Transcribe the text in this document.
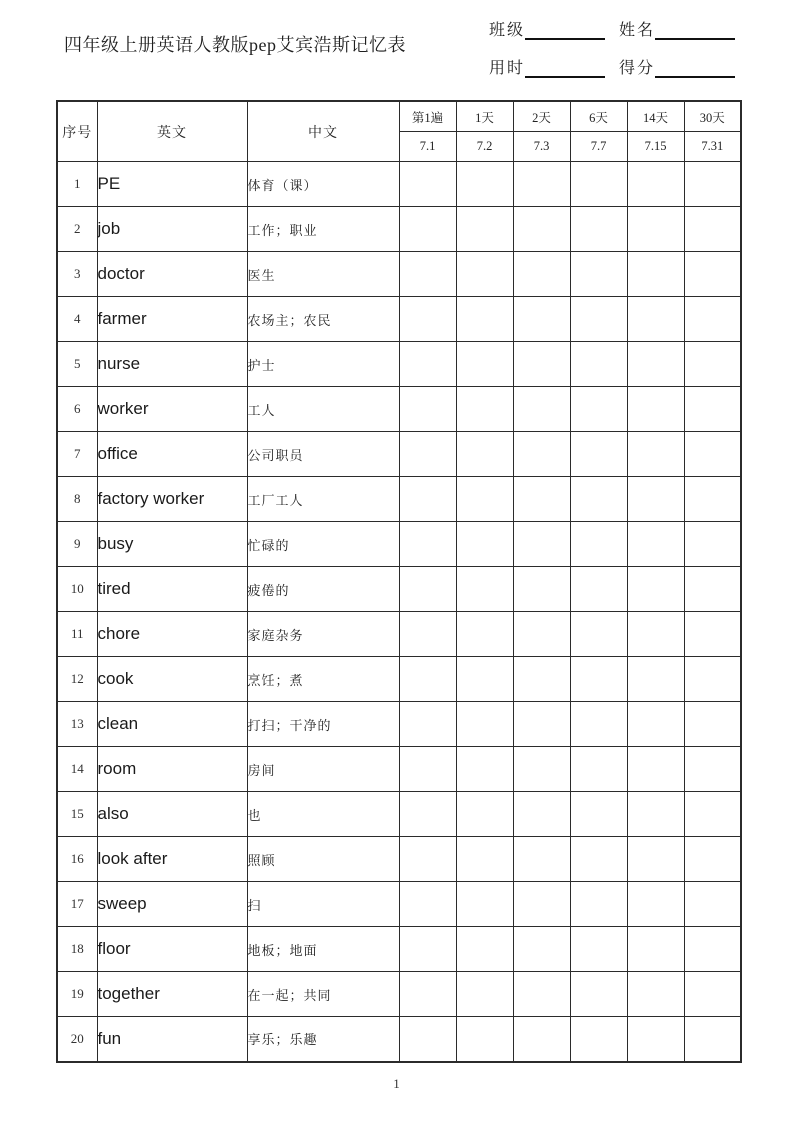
四年级上册英语人教版pep艾宾浩斯记忆表
班级	姓名
用时	得分
序号	英文	中文	第1遍	1天	2天	6天	14天	30天
			7.1	7.2	7.3	7.7	7.15	7.31
1	PE	体育（课）						
2	job	工作；职业						
3	doctor	医生						
4	farmer	农场主；农民						
5	nurse	护士						
6	worker	工人						
7	office	公司职员						
8	factory worker	工厂工人						
9	busy	忙碌的						
10	tired	疲倦的						
11	chore	家庭杂务						
12	cook	烹饪；煮						
13	clean	打扫；干净的						
14	room	房间						
15	also	也						
16	look after	照顾						
17	sweep	扫						
18	floor	地板；地面						
19	together	在一起；共同						
20	fun	享乐；乐趣						
1
